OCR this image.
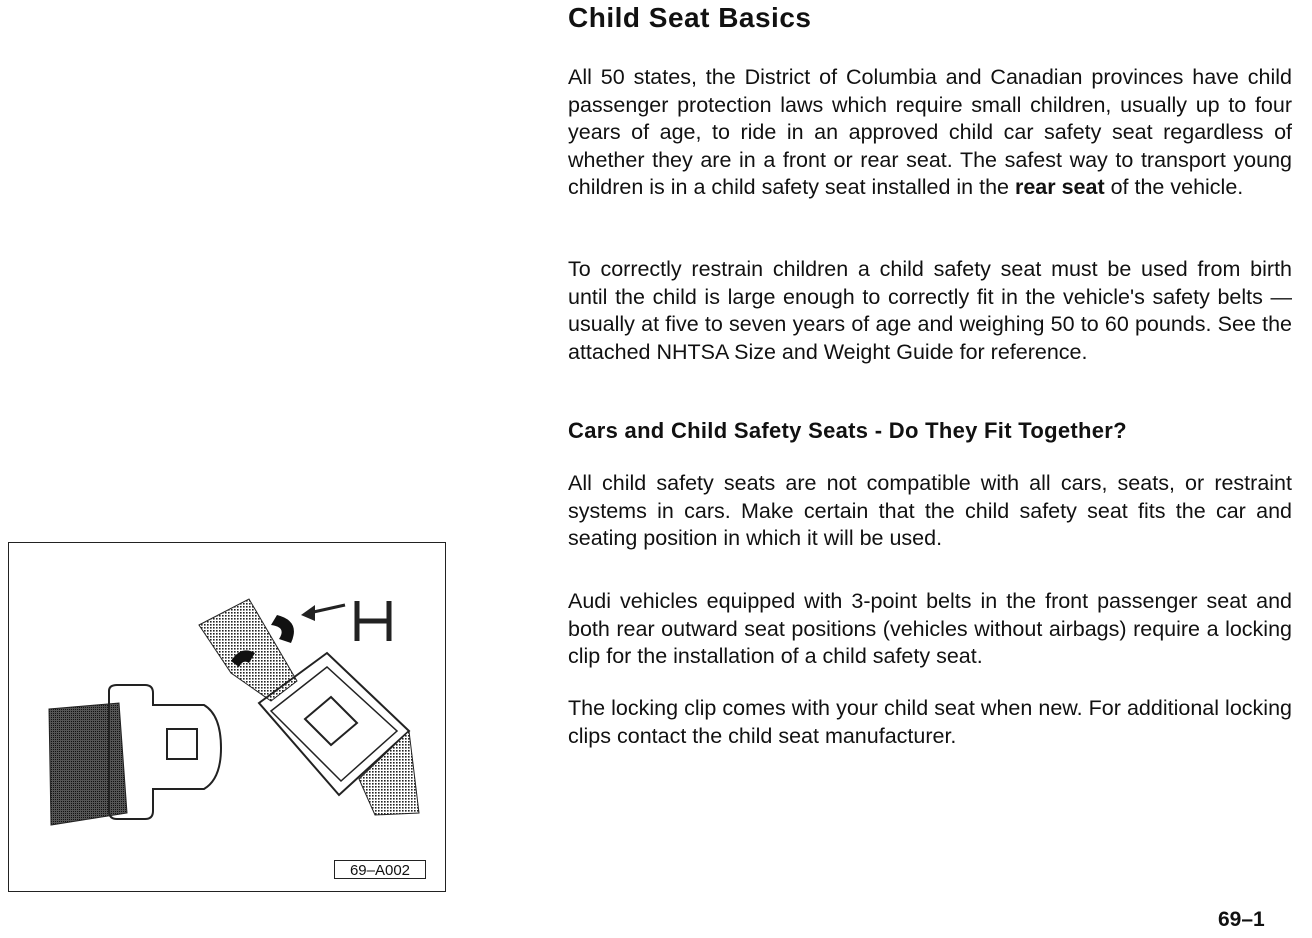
Child Seat Basics

All 50 states, the District of Columbia and Canadian provinces have child passenger protection laws which require small children, usually up to four years of age, to ride in an approved child car safety seat regardless of whether they are in a front or rear seat. The safest way to transport young children is in a child safety seat installed in the rear seat of the vehicle.

To correctly restrain children a child safety seat must be used from birth until the child is large enough to correctly fit in the vehicle's safety belts — usually at five to seven years of age and weighing 50 to 60 pounds. See the attached NHTSA Size and Weight Guide for reference.

Cars and Child Safety Seats - Do They Fit Together?

All child safety seats are not compatible with all cars, seats, or restraint systems in cars. Make certain that the child safety seat fits the car and seating position in which it will be used.

Audi vehicles equipped with 3-point belts in the front passenger seat and both rear outward seat positions (vehicles without airbags) require a locking clip for the installation of a child safety seat.

The locking clip comes with your child seat when new. For additional locking clips contact the child seat manufacturer.

69–A002
69–1
